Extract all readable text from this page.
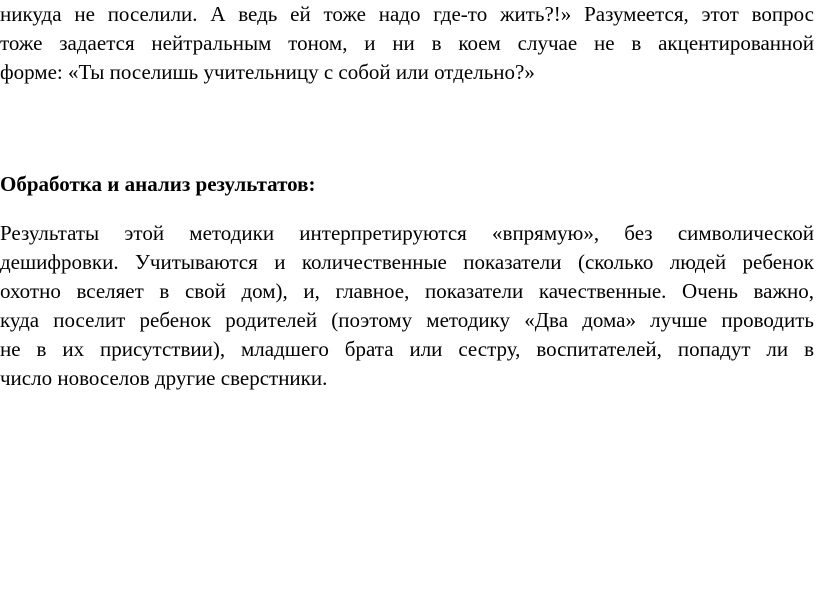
никуда не поселили. А ведь ей тоже надо где-то жить?!» Разумеется, этот вопрос
тоже задается нейтральным тоном, и ни в коем случае не в акцентированной
форме: «Ты поселишь учительницу с собой или отдельно?»
Обработка и анализ результатов:
Результаты этой методики интерпретируются «впрямую», без символической
дешифровки. Учитываются и количественные показатели (сколько людей ребенок
охотно вселяет в свой дом), и, главное, показатели качественные. Очень важно,
куда поселит ребенок родителей (поэтому методику «Два дома» лучше проводить
не в их присутствии), младшего брата или сестру, воспитателей, попадут ли в
число новоселов другие сверстники.
